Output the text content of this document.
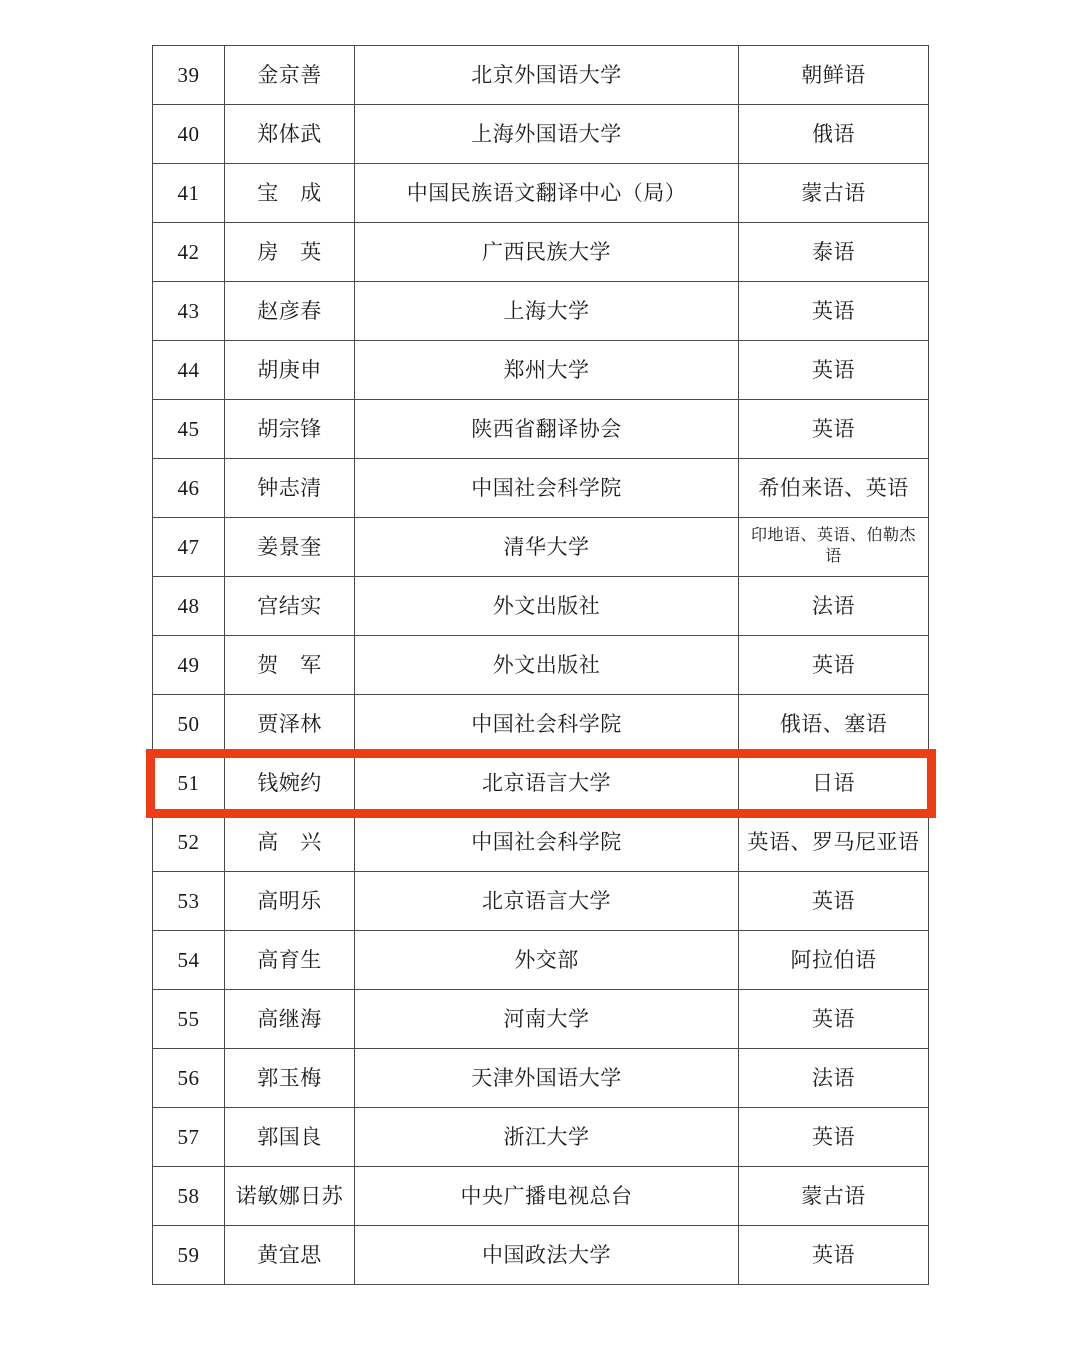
39	金京善	北京外国语大学	朝鲜语
40	郑体武	上海外国语大学	俄语
41	宝　成	中国民族语文翻译中心（局）	蒙古语
42	房　英	广西民族大学	泰语
43	赵彦春	上海大学	英语
44	胡庚申	郑州大学	英语
45	胡宗锋	陕西省翻译协会	英语
46	钟志清	中国社会科学院	希伯来语、英语
47	姜景奎	清华大学	印地语、英语、伯勒杰语
48	宫结实	外文出版社	法语
49	贺　军	外文出版社	英语
50	贾泽林	中国社会科学院	俄语、塞语
51	钱婉约	北京语言大学	日语
52	高　兴	中国社会科学院	英语、罗马尼亚语
53	高明乐	北京语言大学	英语
54	高育生	外交部	阿拉伯语
55	高继海	河南大学	英语
56	郭玉梅	天津外国语大学	法语
57	郭国良	浙江大学	英语
58	诺敏娜日苏	中央广播电视总台	蒙古语
59	黄宜思	中国政法大学	英语
